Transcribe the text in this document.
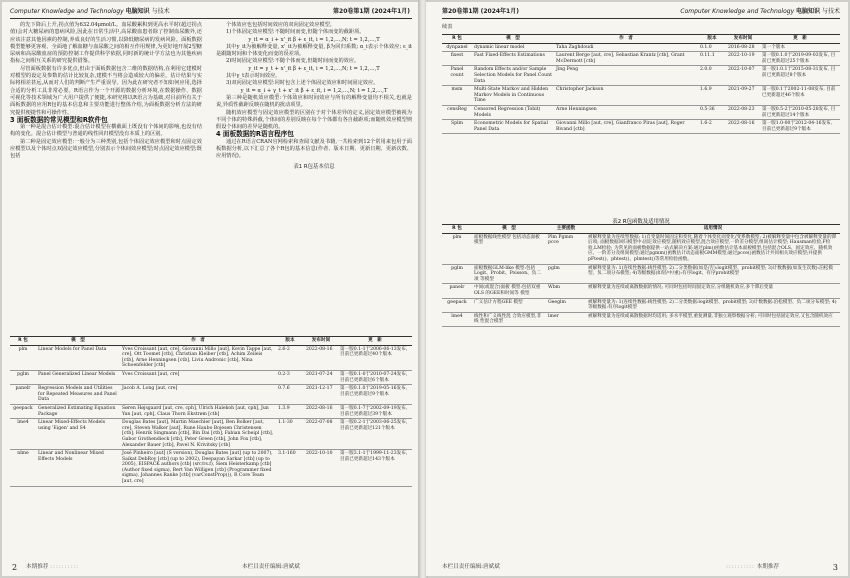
Computer Knowledge and Technology 电脑知识 与技术	第20卷第1期 (2024年1月)

的先下降后上升,拐点值为632.04μmol/L。血尿酸累积到更高水平时(超过拐点值)会对大糖尿病的患病风险,因此在日常生活中,高尿酸血患者除了控制血尿酸外,还应该注意其他因素的控制,养成良好的生活习惯,以降低糖尿病的发病风险。面板数据模型能够更客观、全面地了解血糖与血尿酸之间的相互作用规律,为更好地开展2型糖尿病和高尿酸血症的预防控制工作提供科学依据,同时新的统计学方法也为其他疾病指标之间相互关系的研究提供借鉴。

尽管面板数据有许多优点,但由于面板数据包含二维的数据结构,在利用它建模时对模型的设定及参数的估计比较复杂,建模不当将会造成较大的偏差。估计结果与实际将相差甚远,从而对人们的判断产生严重误导。因为此在研究者不知如何应用,选择合适的分析工具非常必要。R语言作为一个开源的数据分析环境,在数据操作、数据可视化等技术领域为广大用户提供了便捷,本研究将以R语言为基础,对目前所有关于面板数据的应用R包的基本信息和主要功能进行整体介绍,为面板数据分析方法的研究提供便捷性和可操作性。

3 面板数据的常见模型和R软件包

第一种是混合估计模型:混合估计模型在横截面上既没有个体间的影响,也没有结构的变化。混合估计模型与普通的线性回归模型没有本质上的区别。

第二种是固定效应模型:一般分为三种类别,包括个体固定效应模型和时点固定效应模型以及个体时点双固定效应模型,分别表示个体间效应模型;时点固定效应模型;既包括

个体效应也包括时间效应的双向固定效应模型。

1)个体固定效应模型:不随时间而变,但随个体而变的截距项。

y_it = α_i + x'_it β + ε_it, i = 1,2,…,N; t = 1,2,…,T

其中y_it为被解释变量, x'_it为被解释变量, β为回归系数; α_i表示个体效应; ε_it是跟随时间和个体变化而变的误差项。

2)时间固定效应模型:不随个体而变,但随时间而变的效应。

y_it = γ_t + x'_it β + ε_it, i = 1,2,…,N; t = 1,2,…,T

其中γ_t表示时间效应。

3)双向固定效应模型:同时包含上述个体固定效应和时间固定效应。

y_it = α_i + γ_t + x'_it β + ε_it, i = 1,2,…,N; t = 1,2,…,T

第三种是随机效应模型:个体效应和时间效应与所有的解释变量均不相关,也就是说,异质性截距反映在随机的扰动项里。

随机效应模型与固定效应模型的区别在于对个体差异的定义,固定效应模型被视为不同个体的特殊斜截,个体间的差别反映在每个个体都有各自截距项;而随机效应模型则假设个体间的差异是随机的。

4 面板数据的R语言程序包

通过在R语言CRAN官网检索和查阅文献及书籍,一共检索到12个常用来包用于面板数据分析,以下汇总了各个R包的基本信息(作者、版本日期、更新日期、更新次数、应用情况)。

表1 R包基本信息
R 包	模　型	作　者	版本	发布时间	更　新
plm	Linear Models for Panel Data	Yves Croissant [aut, cre], Giovanni Millo [aut], Kevin Tappe [aut, cre], Ott Toomet [ctb], Christian Kleiber [ctb], Achim Zeileis [ctb], Arne Henningsen [ctb], Liviu Andronic [ctb], Nina Schoenfelder [ctb]	2.6-2	2022-08-16	第一版0.1-1于2006-06-13发布, 目前已更新超过40个版本
pglm	Panel Generalized Linear Models	Yves Croissant [aut, cre]	0.2-3	2021-07-24	第一版0.1-0于2010-07-24发布, 目前已更新超过6个版本
panelr	Regression Models and Utilities for Repeated Measures and Panel Data	Jacob A. Long [aut, cre]	0.7.6	2021-12-17	第一版0.1.0于2019-05-16发布, 目前已更新超过9个版本
geepack	Generalized Estimating Equation Package	Søren Højsgaard [aut, cre, cph], Ulrich Halekoh [aut, cph], Jun Yan [aut, cph], Claus Thorn Ekstrøm [ctb]	1.3.9	2022-08-16	第一版0.1-7于2002-09-19发布, 目前已更新超过39个版本
lme4	Linear Mixed-Effects Models using 'Eigen' and S4	Douglas Bates [aut], Martin Maechler [aut], Ben Bolker [aut, cre], Steven Walker [aut], Rune Haubo Bojesen Christensen [ctb], Henrik Singmann [ctb], Bin Dai [ctb], Fabian Scheipl [ctb], Gabor Grothendieck [ctb], Peter Green [ctb], John Fox [ctb], Alexander Bauer [ctb], Pavel N. Krivitsky [ctb]	1.1-30	2022-07-08	第一版0.2-1于2003-06-25发布, 目前已更新超过121个版本
nlme	Linear and Nonlinear Mixed Effects Models	José Pinheiro [aut] (S version), Douglas Bates [aut] (up to 2007), Saikat DebRoy [ctb] (up to 2002), Deepayan Sarkar [ctb] (up to 2005), EISPACK authors [ctb] (src/rs.f), Siem Heisterkamp [ctb] (Author fixed sigma), Bert Van Willigen [ctb] (Programmer fixed sigma), Johannes Ranke [ctb] (varConstProp()), R Core Team [aut, cre]	3.1-160	2022-10-10	第一版3.1-1于1999-11-23发布, 目前已更新超过143个版本
2 本期推荐 ::::::::::	本栏目责任编辑:唐斌斌
第20卷第1期 (2024年1月)	Computer Knowledge and Technology 电脑知识 与技术
续表
R 包	模　型	作　者	版本	发布时间	更　新
dynpanel	dynamic linear model	Taha Zaghdoudi	0.1.0	2016-08-28	第一个版本
fixest	Fast Fixed-Effects Estimations	Laurent Berge [aut, cre], Sebastian Krantz [ctb], Grant McDermott [ctb]	0.11.1	2022-10-19	第一版0.1.0于2019-09-03发布, 目前已更新超过25个版本
Panel count	Random Effects and/or Sample Selection Models for Panel Count Data	Jing Peng	2.0.0	2022-10-07	第一版1.0.1于2015-08-31发布, 目前已更新超过8个版本
msm	Multi-State Markov and Hidden Markov Models in Continuous Time	Christopher Jackson	1.6.9	2021-09-27	第一版0.1于2002-11-08发布, 目前已更新超过46个版本
censReg	Censored Regression (Tobit) Models	Arne Henningsen	0.5-36	2022-08-23	第一版0.5-2于2010-05-28发布, 目前已更新超过14个版本
Splm	Econometric Models for Spatial Panel Data	Giovanni Millo [aut, cre], Gianfranco Piras [aut], Roger Bivand [ctb]	1.6-2	2022-08-16	第一版1.0-00于2012-04-16发布, 目前已更新超过9个版本
表2 R包函数及适用情况
R 包	模　型	主要函数	适用情况
plm	面板数据线性模型 包括动态面板模型	Plm Pgmm pcce	被解释变量为连续型数据; 1)自变量时间固定和变化,随着个体变化而变化/变系数模型; 2)被解释变量中包含被解释变量的滞后项; 面板数据回归模型中:固定效应模型,随机效应模型,混合效应模型,一阶差分模型,组间估计模型; Hausman检验,F检验,LM检验; 为常见的面板数据提供一站式解决方案:通过plm()函数估计基本面板模型,包括混合OLS、固定效应、随机效应、一阶差分及组间模型;通过pgmm()函数估计动态面板GMM模型;通过pcce()函数估计共同相关效应模型;并提供pFtest()、phtest()、plmtest()等常用检验函数。
pglm	面板数据GLM-like 模型:包括Logit、Probit、Poisson、负二项 等模型	pglm	被解释变量为: 1)连续性数据:线性模型; 2)二分类数据(如是/否):logit模型、probit模型; 3)计数数据(如发生次数):泊松模型、负二项分布模型; 4)等级数据(如轻/中/重):有序logit、有序probit模型
panelr	中间(或混合)面板 模型:包括双重OLS 的GEE和时间等 模型	Wbm	被解释变量为连续或离散数据的情况; 可同时包括时间固定效应,分组随机效应,多个滞后变量
geepack	广义估计方程GEE 模型	Geeglm	被解释变量为: 1)连续性数据:线性模型; 2)二分类数据:logit模型、probit模型; 3)计数数据:泊松模型、负二项分布模型; 4)等级数据:有序logit模型
lme4	线性和广义线性混 合效应模型,非线 性混合模型	lmer	被解释变量为连续或离散数据时均适用; 多水平模型,重复测量,非独立观察数据分析; 可同时包括固定效应,又包含随机效应
本栏目责任编辑:唐斌斌	:::::::::: 本期推荐	3
